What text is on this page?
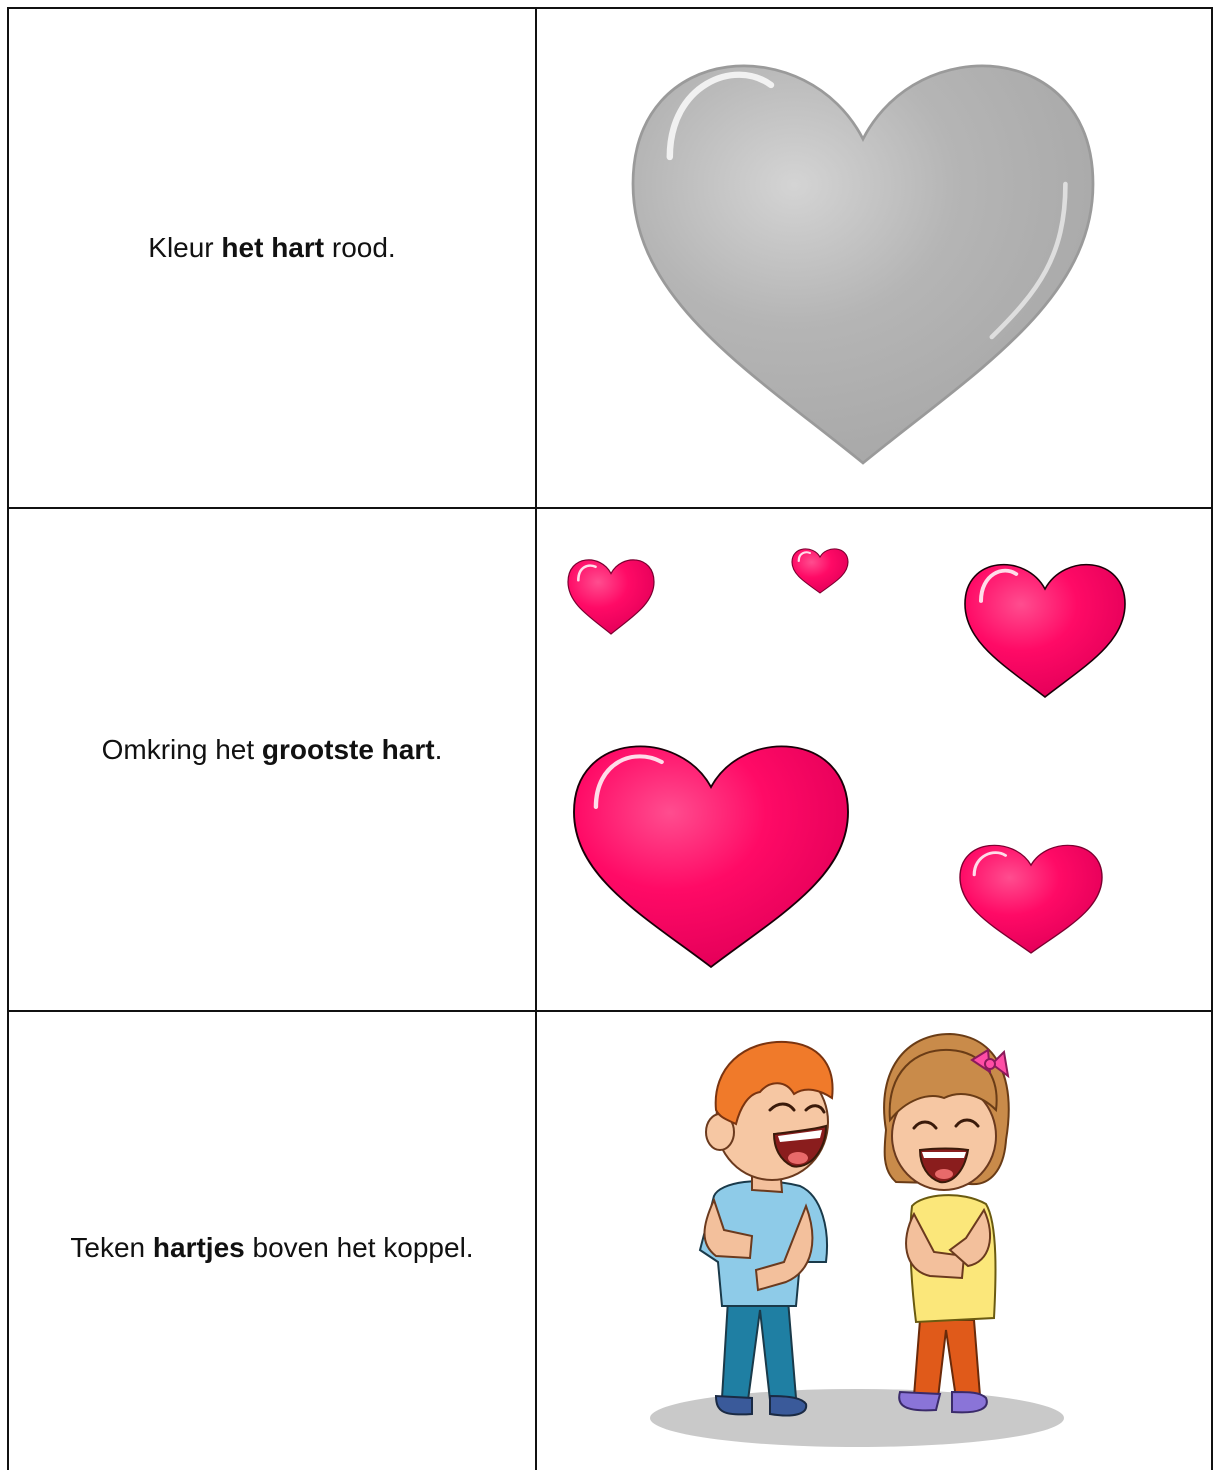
Kleur het hart rood.
Omkring het grootste hart.
Teken hartjes boven het koppel.
